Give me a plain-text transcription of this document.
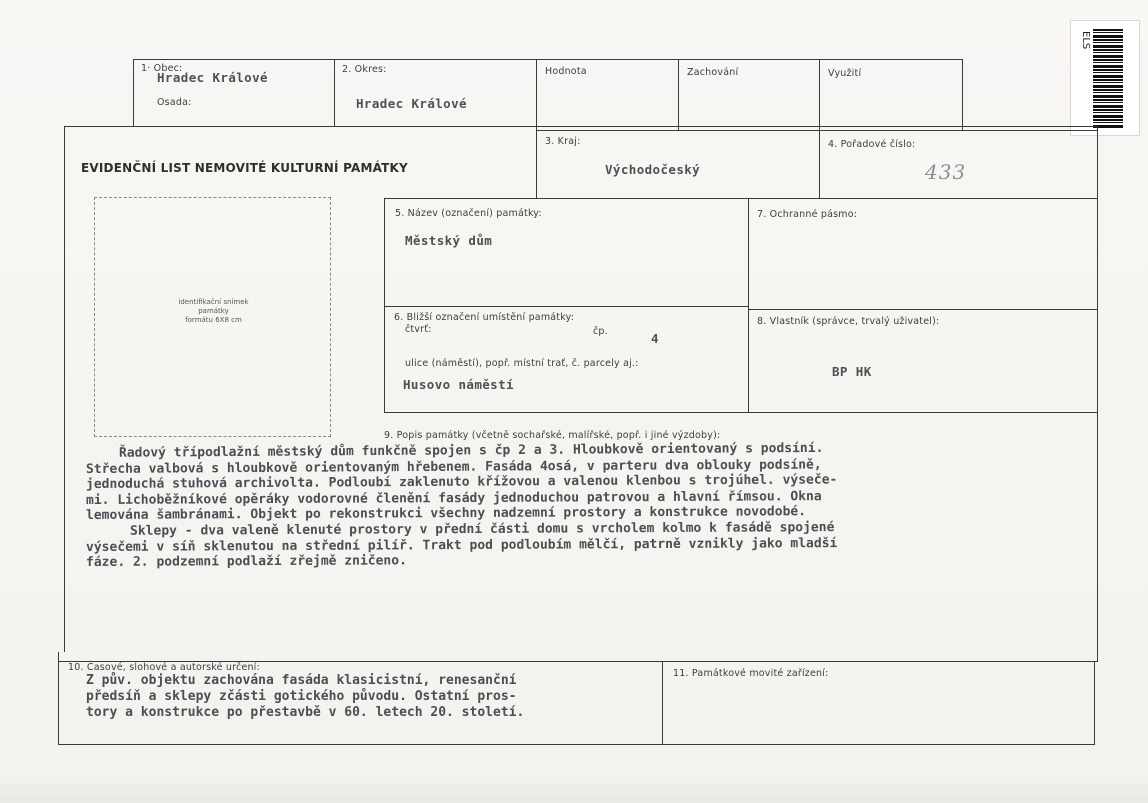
ELS
1· Obec:
Hradec Králové
Osada:
2. Okres:
Hradec Králové
Hodnota	Zachování	Využití
EVIDENČNÍ LIST NEMOVITÉ KULTURNÍ PAMÁTKY
3. Kraj:
Východočeský
4. Pořadové číslo:
433
identifikační snímek
památky
formátu 6X8 cm
5. Název (označení) památky:
Městský dům
7. Ochranné pásmo:
6. Bližší označení umístění památky:
čtvrť:	čp.	4
ulice (náměstí), popř. místní trať, č. parcely aj.:
Husovo náměstí
8. Vlastník (správce, trvalý uživatel):
BP HK
9. Popis památky (včetně sochařské, malířské, popř. i jiné výzdoby):
Řadový třípodlažní městský dům funkčně spojen s čp 2 a 3. Hloubkově orientovaný s podsíní.
Střecha valbová s hloubkově orientovaným hřebenem. Fasáda 4osá, v parteru dva oblouky podsíně,
jednoduchá stuhová archivolta. Podloubí zaklenuto křížovou a valenou klenbou s trojúhel. výseče-
mi. Lichoběžníkové opěráky vodorovné členění fasády jednoduchou patrovou a hlavní římsou. Okna
lemována šambránami. Objekt po rekonstrukci všechny nadzemní prostory a konstrukce novodobé.
Sklepy - dva valeně klenuté prostory v přední části domu s vrcholem kolmo k fasádě spojené
výsečemi v síň sklenutou na střední pilíř. Trakt pod podloubím mělčí, patrně vznikly jako mladší
fáze. 2. podzemní podlaží zřejmě zničeno.
10. Časové, slohové a autorské určení:
Z pův. objektu zachována fasáda klasicistní, renesanční
předsíň a sklepy zčásti gotického původu. Ostatní pros-
tory a konstrukce po přestavbě v 60. letech 20. století.
11. Památkové movité zařízení:
